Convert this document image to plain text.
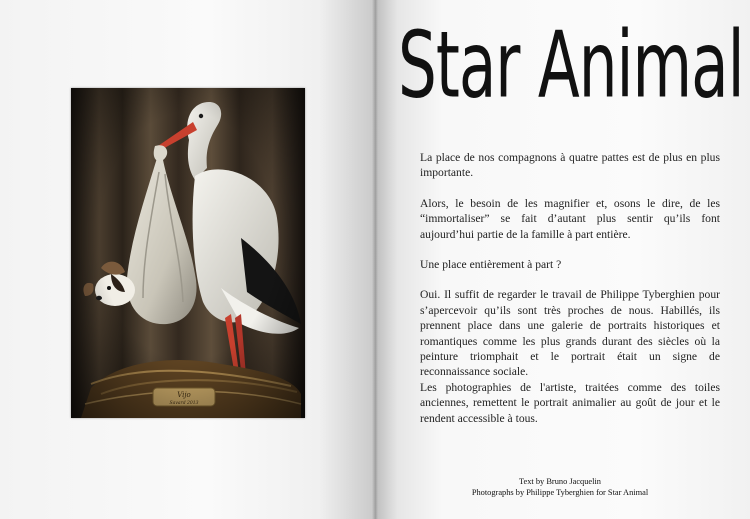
Star Animal

La place de nos compagnons à quatre pattes est de plus en plus importante.

Alors, le besoin de les magnifier et, osons le dire, de les “immortaliser” se fait d’autant plus sentir qu’ils font aujourd’hui partie de la famille à part entière.

Une place entièrement à part ?

Oui. Il suffit de regarder le travail de Philippe Tyberghien pour s’apercevoir qu’ils sont très proches de nous. Habillés, ils prennent place dans une galerie de portraits historiques et romantiques comme les plus grands durant des siècles où la peinture triomphait et le portrait était un signe de reconnaissance sociale.

Les photographies de l'artiste, traitées comme des toiles anciennes, remettent le portrait animalier au goût de jour et le rendent accessible à tous.

Text by Bruno Jacquelin
Photographs by Philippe Tyberghien for Star Animal
